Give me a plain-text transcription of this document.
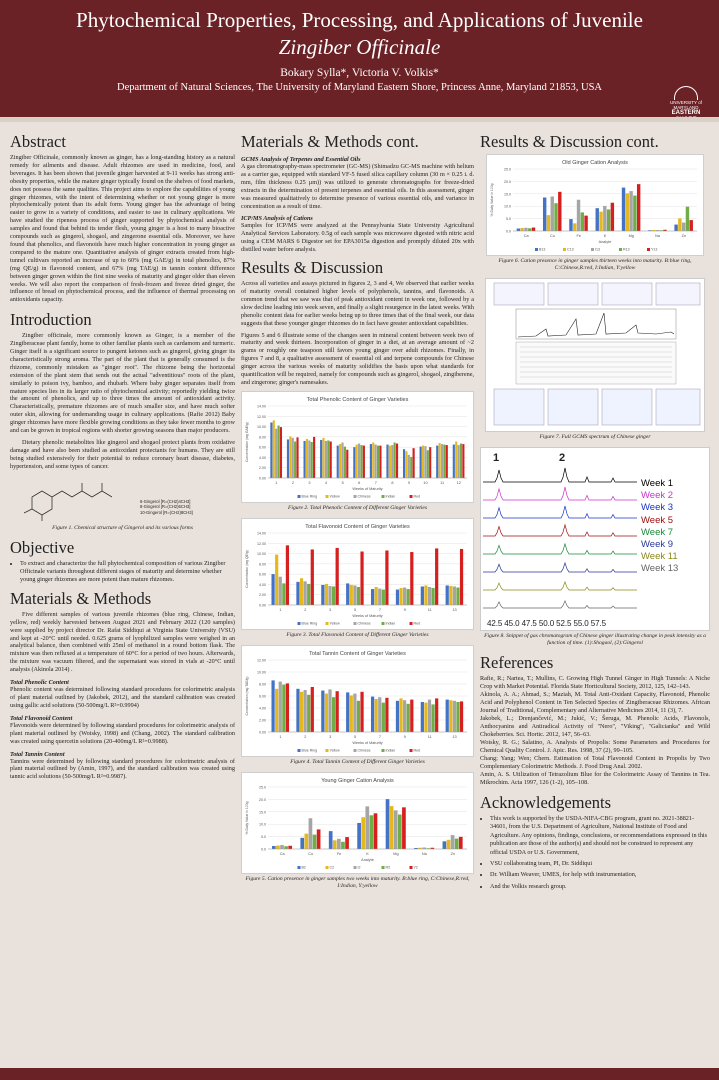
Phytochemical Properties, Processing, and Applications of Juvenile
Zingiber Officinale
Bokary Sylla*, Victoria V. Volkis*
Department of Natural Sciences, The University of Maryland Eastern Shore, Princess Anne, Maryland 21853, USA
UNIVERSITY of MARYLAND
EASTERN
Abstract

Zingiber Officinale, commonly known as ginger, has a long-standing history as a natural remedy for ailments and disease. Adult rhizomes are used in medicine, food, and beverages. It has been shown that juvenile ginger harvested at 9-11 weeks has strong anti-obesity properties, while the mature ginger typically found on the shelves of food markets, does not possess the same qualities. This project aims to explore the capabilities of young ginger rhizomes, with the intent of determining whether or not young ginger is more phytochemically potent than its adult form. Young ginger has the advantage of being easier to grow in a variety of conditions, and easier to use in culinary applications. We have studied the ripeness process of ginger supported by phytochemical analysis of samples and found that behind its tender flesh, young ginger is a host to many bioactive compounds such as gingerol, shogaol, and zingerone essential oils. Moreover, we have found that phenolics, and flavonoids have much higher concentration in young ginger as compared to the mature one. Quantitative analysis of ginger extracts created from high-tunnel cultivars reported an increase of up to 60% (mg GAE/g) in total phenolics, 87% (mg QE/g) in flavonoid content, and 67% (mg TAE/g) in tannin content difference between ginger grown within the first nine weeks of maturity and ginger older than eleven weeks. We will also report the comparison of fresh-frozen and freeze dried ginger, the influence of bread on phytochemical process, and the influence of thermal processing on antioxidants capacity.

Introduction

Zingiber officinale, more commonly known as Ginger, is a member of the Zingiberaceae plant family, home to other familiar plants such as cardamom and turmeric. Ginger itself is a significant source to pungent ketones such as gingerol, giving ginger its characteristically strong aroma. The part of the plant that is generally consumed is the rhizome, commonly mistaken as "ginger root". The rhizome being the horizontal extension of the plant stem that sends out the actual "adventitious" roots of the plant, similarly to poison ivy, bamboo, and rhubarb. Where baby ginger separates itself from mature species lies in its larger ratio of phytochemical activity; reportedly yielding twice the amount of phenolics, and up to three times the amount of antioxidant activity. Characteristically, premature rhizomes are of much smaller size, and have much softer outer skin, allowing for undemanding usage in culinary applications. (Rafie 2012) Baby ginger rhizomes have more flexible growing conditions as they take fewer months to grow and can be grown in tropical regions with shorter growing seasons than major producers.

Dietary phenolic metabolites like gingerol and shogaol protect plants from oxidative damage and have also been studied as antioxidant protectants for humans. They are still being studied extensively for their potential to reduce coronary heart disease, diabetes, hypertension, and some types of cancer.

6-Gingerol [R=(CH2)4CH3]
8-Gingerol [R=(CH2)6CH3]
10-Gingerol [R=(CH2)8CH3]
Figure 1. Chemical structure of Gingerol and its various forms
Objective
• To extract and characterize the full phytochemical composition of various Zingiber Officinale variants throughout different stages of maturity and determine whether young ginger rhizomes are more potent than mature rhizomes.
Materials & Methods

Five different samples of various juvenile rhizomes (blue ring, Chinese, Indian, yellow, red) weekly harvested between August 2021 and February 2022 (120 samples) were supplied by project director Dr. Rafat Siddiqui at Virginia State University (VSU) and kept at -20°C until needed. 0.625 grams of lyophilized samples were weighed in an analytical balance, then combined with 25ml of methanol in a round bottom flask. The mixture was then refluxed at a temperature of 60°C for a period of two hours. Afterwards, the mixture was vacuum filtered, and the supernatant was stored in vials at -20°C until analysis (Akinola 2014) .

Total Phenolic Content

Phenolic content was determined following standard procedures for colorimetric analysis of plant material outlined by (Jakobek, 2012), and the standard calibration was created using gallic acid solutions (50-500mg/L R²=0.9994)

Total Flavonoid Content

Flavonoids were determined by following standard procedures for colorimetric analysis of plant material outlined by (Woisky, 1998) and (Chang, 2002). The standard calibration was created using quercetin solutions (20-400mg/L R²=0.9988).

Total Tannin Content

Tannins were determined by following standard procedures for colorimetric analysis of plant material outlined by (Amin, 1997), and the standard calibration was created using tannic acid solutions (50-500mg/L R²=0.9987).

Materials & Methods cont.
GCMS Analysis of Terpenes and Essential Oils

A gas chromatography-mass spectrometer (GC-MS) (Shimadzu GC-MS machine with helium as a carrier gas, equipped with standard VF-5 fused silica capillary column (30 m × 0.25 i. d. mm, film thickness 0.25 μm)) was utilized to generate chromatographs for freeze-dried extracts in the determination of present terpenes and essential oils. In this assessment, ginger was measured qualitatively to determine presence of various essential oils, and variance in concentration as a result of time.

ICP/MS Analysis of Cations

Samples for ICP/MS were analyzed at the Pennsylvania State University Agricultural Analytical Services Laboratory. 0.5g of each sample was microwave digested with nitric acid using a CEM MARS 6 Digestor set for EPA3015a digestion and promptly diluted 20x with distilled water before analysis.

Results & Discussion

Across all varieties and assays pictured in figures 2, 3 and 4, We observed that earlier weeks of maturity overall contained higher levels of polyphenols, tannins, and flavonoids. A common trend that we saw was that of peak antioxidant content in week one, followed by a slow decline leading into week seven, and finally a slight resurgence in the latest weeks. With phenolic content data for earlier weeks being up to three times that of the final week, our data suggests that these younger ginger rhizomes do in fact have greater antioxidant capabilities.

Figures 5 and 6 illustrate some of the changes seen in mineral content between week two of maturity and week thirteen. Incorporation of ginger in a diet, at an average amount of ~2 grams or roughly one teaspoon still favors young ginger over adult rhizomes. Finally, in figures 7 and 8, a qualitative assessment of essential oil and terpene compounds for Chinese ginger across the various weeks of maturity solidifies the basis upon what standards for quantification will be required, namely for compounds such as gingerol, shogaol, zingiberene, and zingerone; ginger's namesakes.

Total Phenolic Content of Ginger Varieties
0.00
2.00
4.00
6.00
8.00
10.00
12.00
14.00
Concentration (mg GAE/g)
1	2	3	4	5	6	7	8	9	10	11	12
Weeks of Maturity
Blue Ring	Yellow	Chinese	Indian	Red
Figure 2. Total Phenolic Content of Different Ginger Varieties
Total Flavonoid Content of Ginger Varieties
0.00
2.00
4.00
6.00
8.00
10.00
12.00
14.00
Concentration (mg QE/g)
1	2	3	5	7	9	11	13
Weeks of Maturity
Blue Ring	Yellow	Chinese	Indian	Red
Figure 3. Total Flavonoid Content of Different Ginger Varieties
Total Tannin Content of Ginger Varieties
0.00
2.00
4.00
6.00
8.00
10.00
12.00
Concentration (mg TAE/g)
1	2	3	5	7	9	11	13
Weeks of Maturity
Blue Ring	Yellow	Chinese	Indian	Red
Figure 4. Total Tannin Content of Different Ginger Varieties
Young Ginger Cation Analysis
0.0
5.0
10.0
15.0
20.0
25.0
% Daily Value in 100g
Ca	Cu	Fe	K	Mg	Na	Zn
Analyte
B2	C2	I2	R2	Y2
Figure 5. Cation presence in ginger samples two weeks into maturity. B:blue ring, C:Chinese,R:red, I:Indian, Y:yellow
Results & Discussion cont.
Old Ginger Cation Analysis
0.0
5.0
10.0
15.0
20.0
25.0
% Daily Value in 100g
Ca	Cu	Fe	K	Mg	Na	Zn
Analyte
B13	C13	I13	R13	Y13
Figure 6. Cation presence in ginger samples thirteen weeks into maturity. B:blue ring, C:Chinese,R:red, I:Indian, Y:yellow
Figure 7. Full GCMS spectrum of Chinese ginger
1	2
Week 1
Week 2
Week 3
Week 5
Week 7
Week 9
Week 11
Week 13
42.5 45.0 47.5 50.0 52.5 55.0 57.5
Figure 8. Snippet of gas chromatogram of Chinese ginger illustrating change in peak intensity as a function of time. (1):Shogaol, (2):Gingerol
References

Rafie, R.; Nartea, T.; Mullins, C. Growing High Tunnel Ginger in High Tunnels: A Niche Crop with Market Potential. Florida State Horticultural Society, 2012, 125, 142–143.

Akinola, A. A.; Ahmad, S.; Maziah, M. Total Anti-Oxidant Capacity, Flavonoid, Phenolic Acid and Polyphenol Content in Ten Selected Species of Zingiberaceae Rhizomes. African Journal of Traditional, Complementary and Alternative Medicines 2014, 11 (3), 7.

Jakobek, L.; Drenjančević, M.; Jukić, V.; Šeruga, M. Phenolic Acids, Flavonols, Anthocyanins and Antiradical Activity of "Nero", "Viking", "Galicianka" and Wild Chokeberries. Sci. Hortic. 2012, 147, 56–63.

Woisky, R. G.; Salatino, A. Analysis of Propolis: Some Parameters and Procedures for Chemical Quality Control. J. Apic. Res. 1998, 37 (2), 99–105.

Chang; Yang; Wen; Chern. Estimation of Total Flavonoid Content in Propolis by Two Complementary Colorimetric Methods. J. Food Drug Anal. 2002.

Amin, A. S. Utilization of Tetrazolium Blue for the Colorimetric Assay of Tannins in Tea. Mikrochim. Acta 1997, 126 (1-2), 105–108.

Acknowledgements
• This work is supported by the USDA-NIFA-CBG program, grant no. 2021-38821-34601, from the U.S. Department of Agriculture, National Institute of Food and Agriculture. Any opinions, findings, conclusions, or recommendations expressed in this publication are those of the author(s) and should not be construed to represent any official USDA or U.S. Government,
• VSU collaborating team, PI, Dr. Siddiqui
• Dr. William Weaver, UMES, for help with instrumentation,
• And the Volkis research group.
